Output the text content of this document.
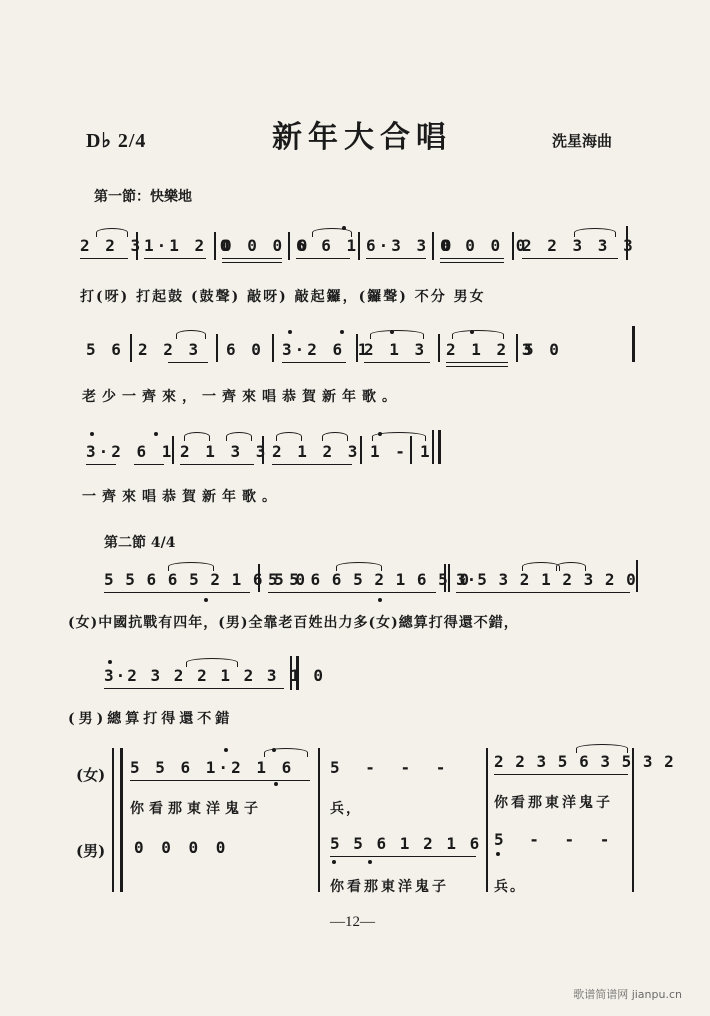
D♭ 2/4	新年大合唱	洗星海曲
第一節：快樂地
2 2 3 1·1 2 0
0 0 0 0
6 6 1 6·3 3 0
0 0 0 0
2 2 3 3 3
打(呀) 打起鼓 (鼓聲) 敲呀) 敲起鑼，(鑼聲) 不分 男女
5 6 2 2 3 6 0 3·2 6 1
2 1 3 2 1 2 3
5 0
老少一齊來，一齊來唱恭賀新年歌。
3·2 6 1 2 1 3 3 2 1 2 3 1 - 1
一齊來唱恭賀新年歌。
第二節 4/4
5 5 6 6 5 2 1 6 5 0
5 5 6 6 5 2 1 6 5 0
3·5 3 2 1 2 3 2 0
(女)中國抗戰有四年，(男)全靠老百姓出力多(女)總算打得還不錯，
3·2 3 2 2 1 2 3 1 0
(男)總算打得還不錯
(女) 5 5 6 1·2 1 6 5 - - -	2 2 3 5 6 3 5 3 2
你看那東洋鬼子	兵，	你看那東洋鬼子
(男) 0 0 0 0	5 5 6 1 2 1 6 5 - - -
你看那東洋鬼子	兵。
—12—
歌谱简谱网 jianpu.cn
